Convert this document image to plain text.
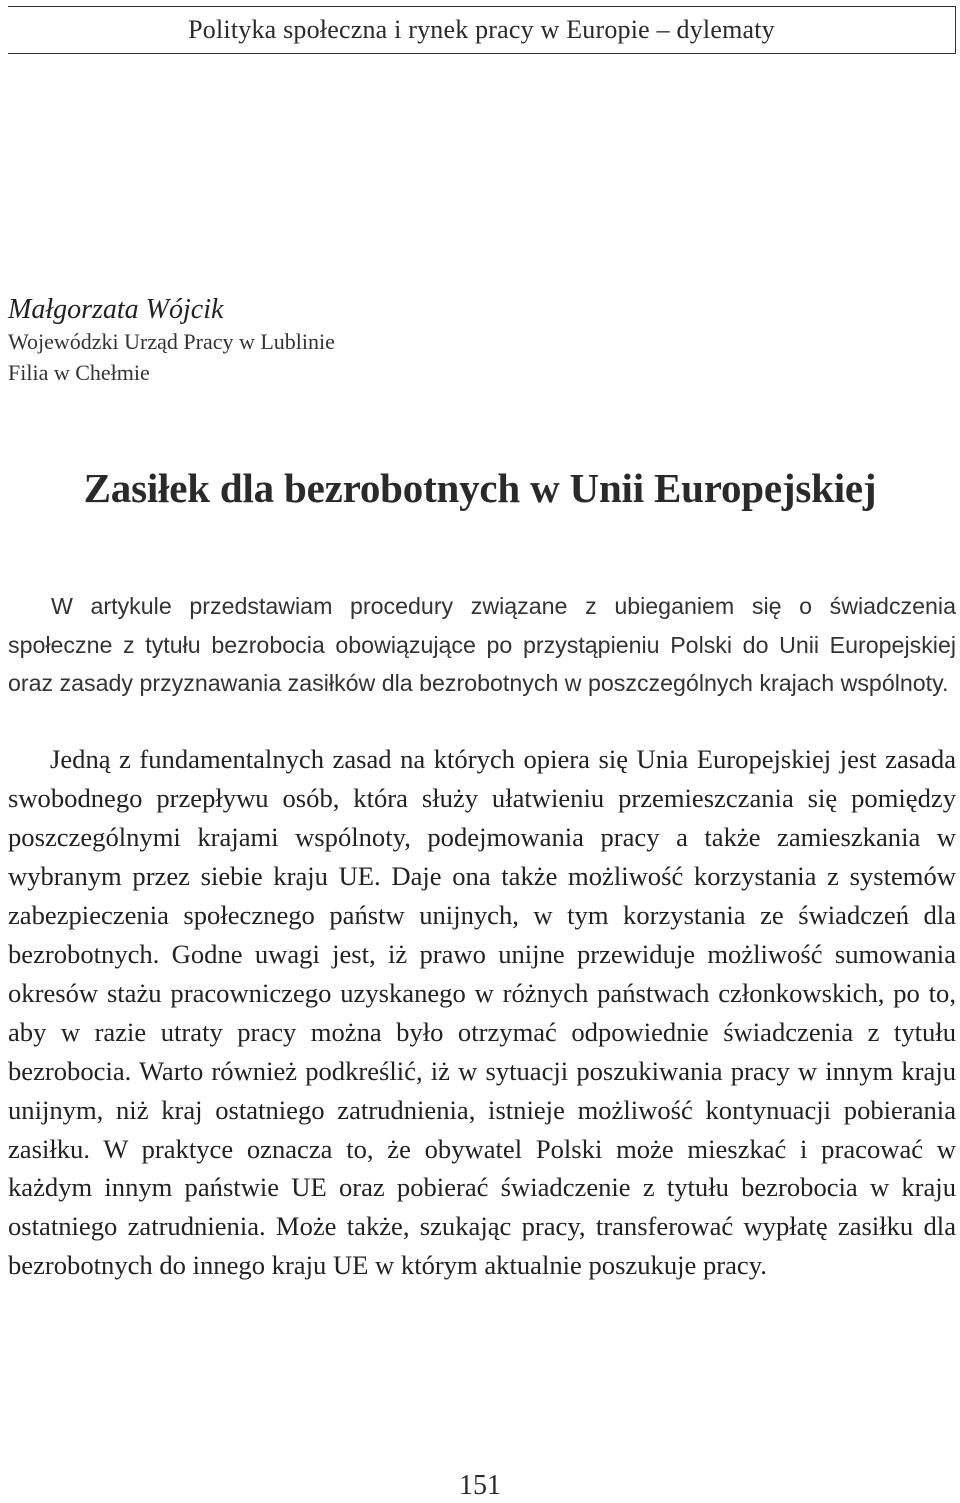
Polityka społeczna i rynek pracy w Europie – dylematy
Małgorzata Wójcik
Wojewódzki Urząd Pracy w Lublinie
Filia w Chełmie
Zasiłek dla bezrobotnych w Unii Europejskiej

W artykule przedstawiam procedury związane z ubieganiem się o świadczenia społeczne z tytułu bezrobocia obowiązujące po przystąpieniu Polski do Unii Europejskiej oraz zasady przyznawania zasiłków dla bezrobotnych w poszczególnych krajach wspólnoty.

Jedną z fundamentalnych zasad na których opiera się Unia Europejskiej jest zasada swobodnego przepływu osób, która służy ułatwieniu przemieszczania się pomiędzy poszczególnymi krajami wspólnoty, podejmowania pracy a także zamieszkania w wybranym przez siebie kraju UE. Daje ona także możliwość korzystania z systemów zabezpieczenia społecznego państw unijnych, w tym korzystania ze świadczeń dla bezrobotnych. Godne uwagi jest, iż prawo unijne przewiduje możliwość sumowania okresów stażu pracowniczego uzyskanego w różnych państwach członkowskich, po to, aby w razie utraty pracy można było otrzymać odpowiednie świadczenia z tytułu bezrobocia. Warto również podkreślić, iż w sytuacji poszukiwania pracy w innym kraju unijnym, niż kraj ostatniego zatrudnienia, istnieje możliwość kontynuacji pobierania zasiłku. W praktyce oznacza to, że obywatel Polski może mieszkać i pracować w każdym innym państwie UE oraz pobierać świadczenie z tytułu bezrobocia w kraju ostatniego zatrudnienia. Może także, szukając pracy, transferować wypłatę zasiłku dla bezrobotnych do innego kraju UE w którym aktualnie poszukuje pracy.

151
